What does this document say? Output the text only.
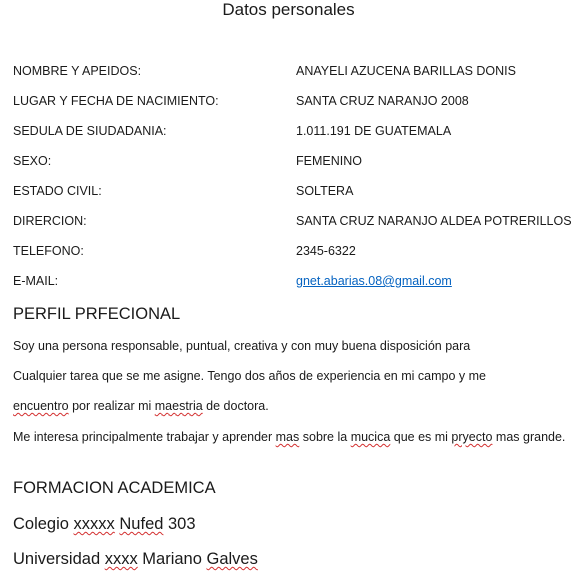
Datos personales
NOMBRE Y APEIDOS:	ANAYELI AZUCENA BARILLAS DONIS
LUGAR Y FECHA DE NACIMIENTO:	SANTA CRUZ NARANJO 2008
SEDULA DE SIUDADANIA:	1.011.191 DE GUATEMALA
SEXO:	FEMENINO
ESTADO CIVIL:	SOLTERA
DIRERCION:	SANTA CRUZ NARANJO ALDEA POTRERILLOS
TELEFONO:	2345-6322
E-MAIL:	gnet.abarias.08@gmail.com
PERFIL PRFECIONAL
Soy una persona responsable, puntual, creativa y con muy buena disposición para
Cualquier tarea que se me asigne. Tengo dos años de experiencia en mi campo y me
encuentro por realizar mi maestria de doctora.
Me interesa principalmente trabajar y aprender mas sobre la mucica que es mi pryecto mas grande.
FORMACION ACADEMICA
Colegio xxxxx Nufed 303
Universidad xxxx Mariano Galves
